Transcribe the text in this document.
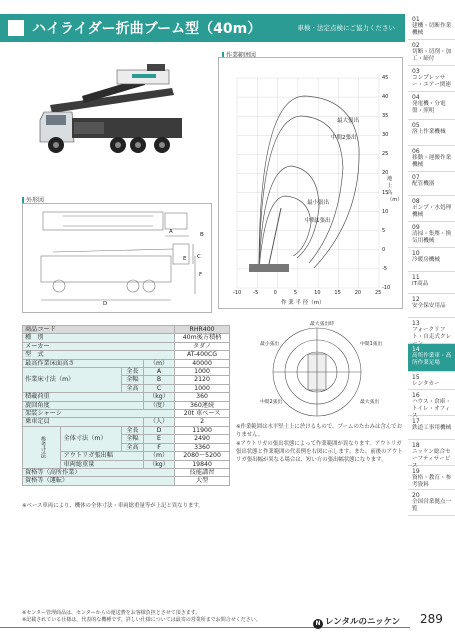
ハイライダー折曲ブーム型（40m）	車検・法定点検にご協力ください
01
建機・切断作業機械
02
切断・切削・加工・締付
03
コンプレッサー・エアー関連
04
発電機・分電盤・照明
05
溶上作業機械
06
移動・運搬作業機械
07
配管機器
08
ポンプ・水処理機械
09
清掃・集塵・換気用機械
10
冷暖房機械
11
IT商品
12
安全保安用品
13
フォークリフト・自走式クレ
14
高所作業車・高所作業足場
15
レンタカー
16
ハウス・倉庫・トイレ・オフィス
17
鉄道工事用機械
18
ニッケン総合セーフティサービス
19
資格・教育・参考資料
20
全国営業拠点一覧
外形図
A	B
C
D
E
F
作業範囲図
最大張出
中間2張出
最小張出
中間1張出
地上高（m）
作 業 半 径（m）
-10 -5	0	5	10	15	20	25
45
40
35
30
25
20
15
10
5
0
-5
-10
商品コード				RHR400
種　別				40m後方積柄
メーカー				タダノ
型　式				AT-400CG
最高作業床面高さ			（m）	40000
作業床寸法（m）		全長	A	1000
		全幅	B	2120
		全高	C	1000
積載荷重			（kg）	360
旋回角度			（度）	360連続
架装シャーシ				20t 車ベース
乗車定員			（人）	2
参考寸法	全体寸法（m）	全長	D	11900
		全幅	E	2490
		全高	F	3360
	アウトリガ張出幅		（m）	2080〜5200
	車両総重量		（kg）	19840
資格等（高所作業）				技能講習
資格等（運転）				大型
※ベース車両により、機体の全体寸法・車両総重量等が上記と異なります。
最大張出時
最小張出	中間1張出
中間2張出	最大張出

※作業範囲は水平堅土上に於けるもので、ブームのたわみは含んでおりません。

※アウトリガの張出状態によって作業範囲が異なります。アウトリガ張出状態と作業範囲の代表例を右図に示します。また、前後のアウトリガ張出幅が異なる場合は、短い方の張出幅状態になります。

※センター管理商品は、センターからの運送費をお客様負担とさせて頂きます。
※記載されている仕様は、代表的な機種です。詳しい仕様については最寄の営業所までお問合せください。	N レンタルのニッケン 289
